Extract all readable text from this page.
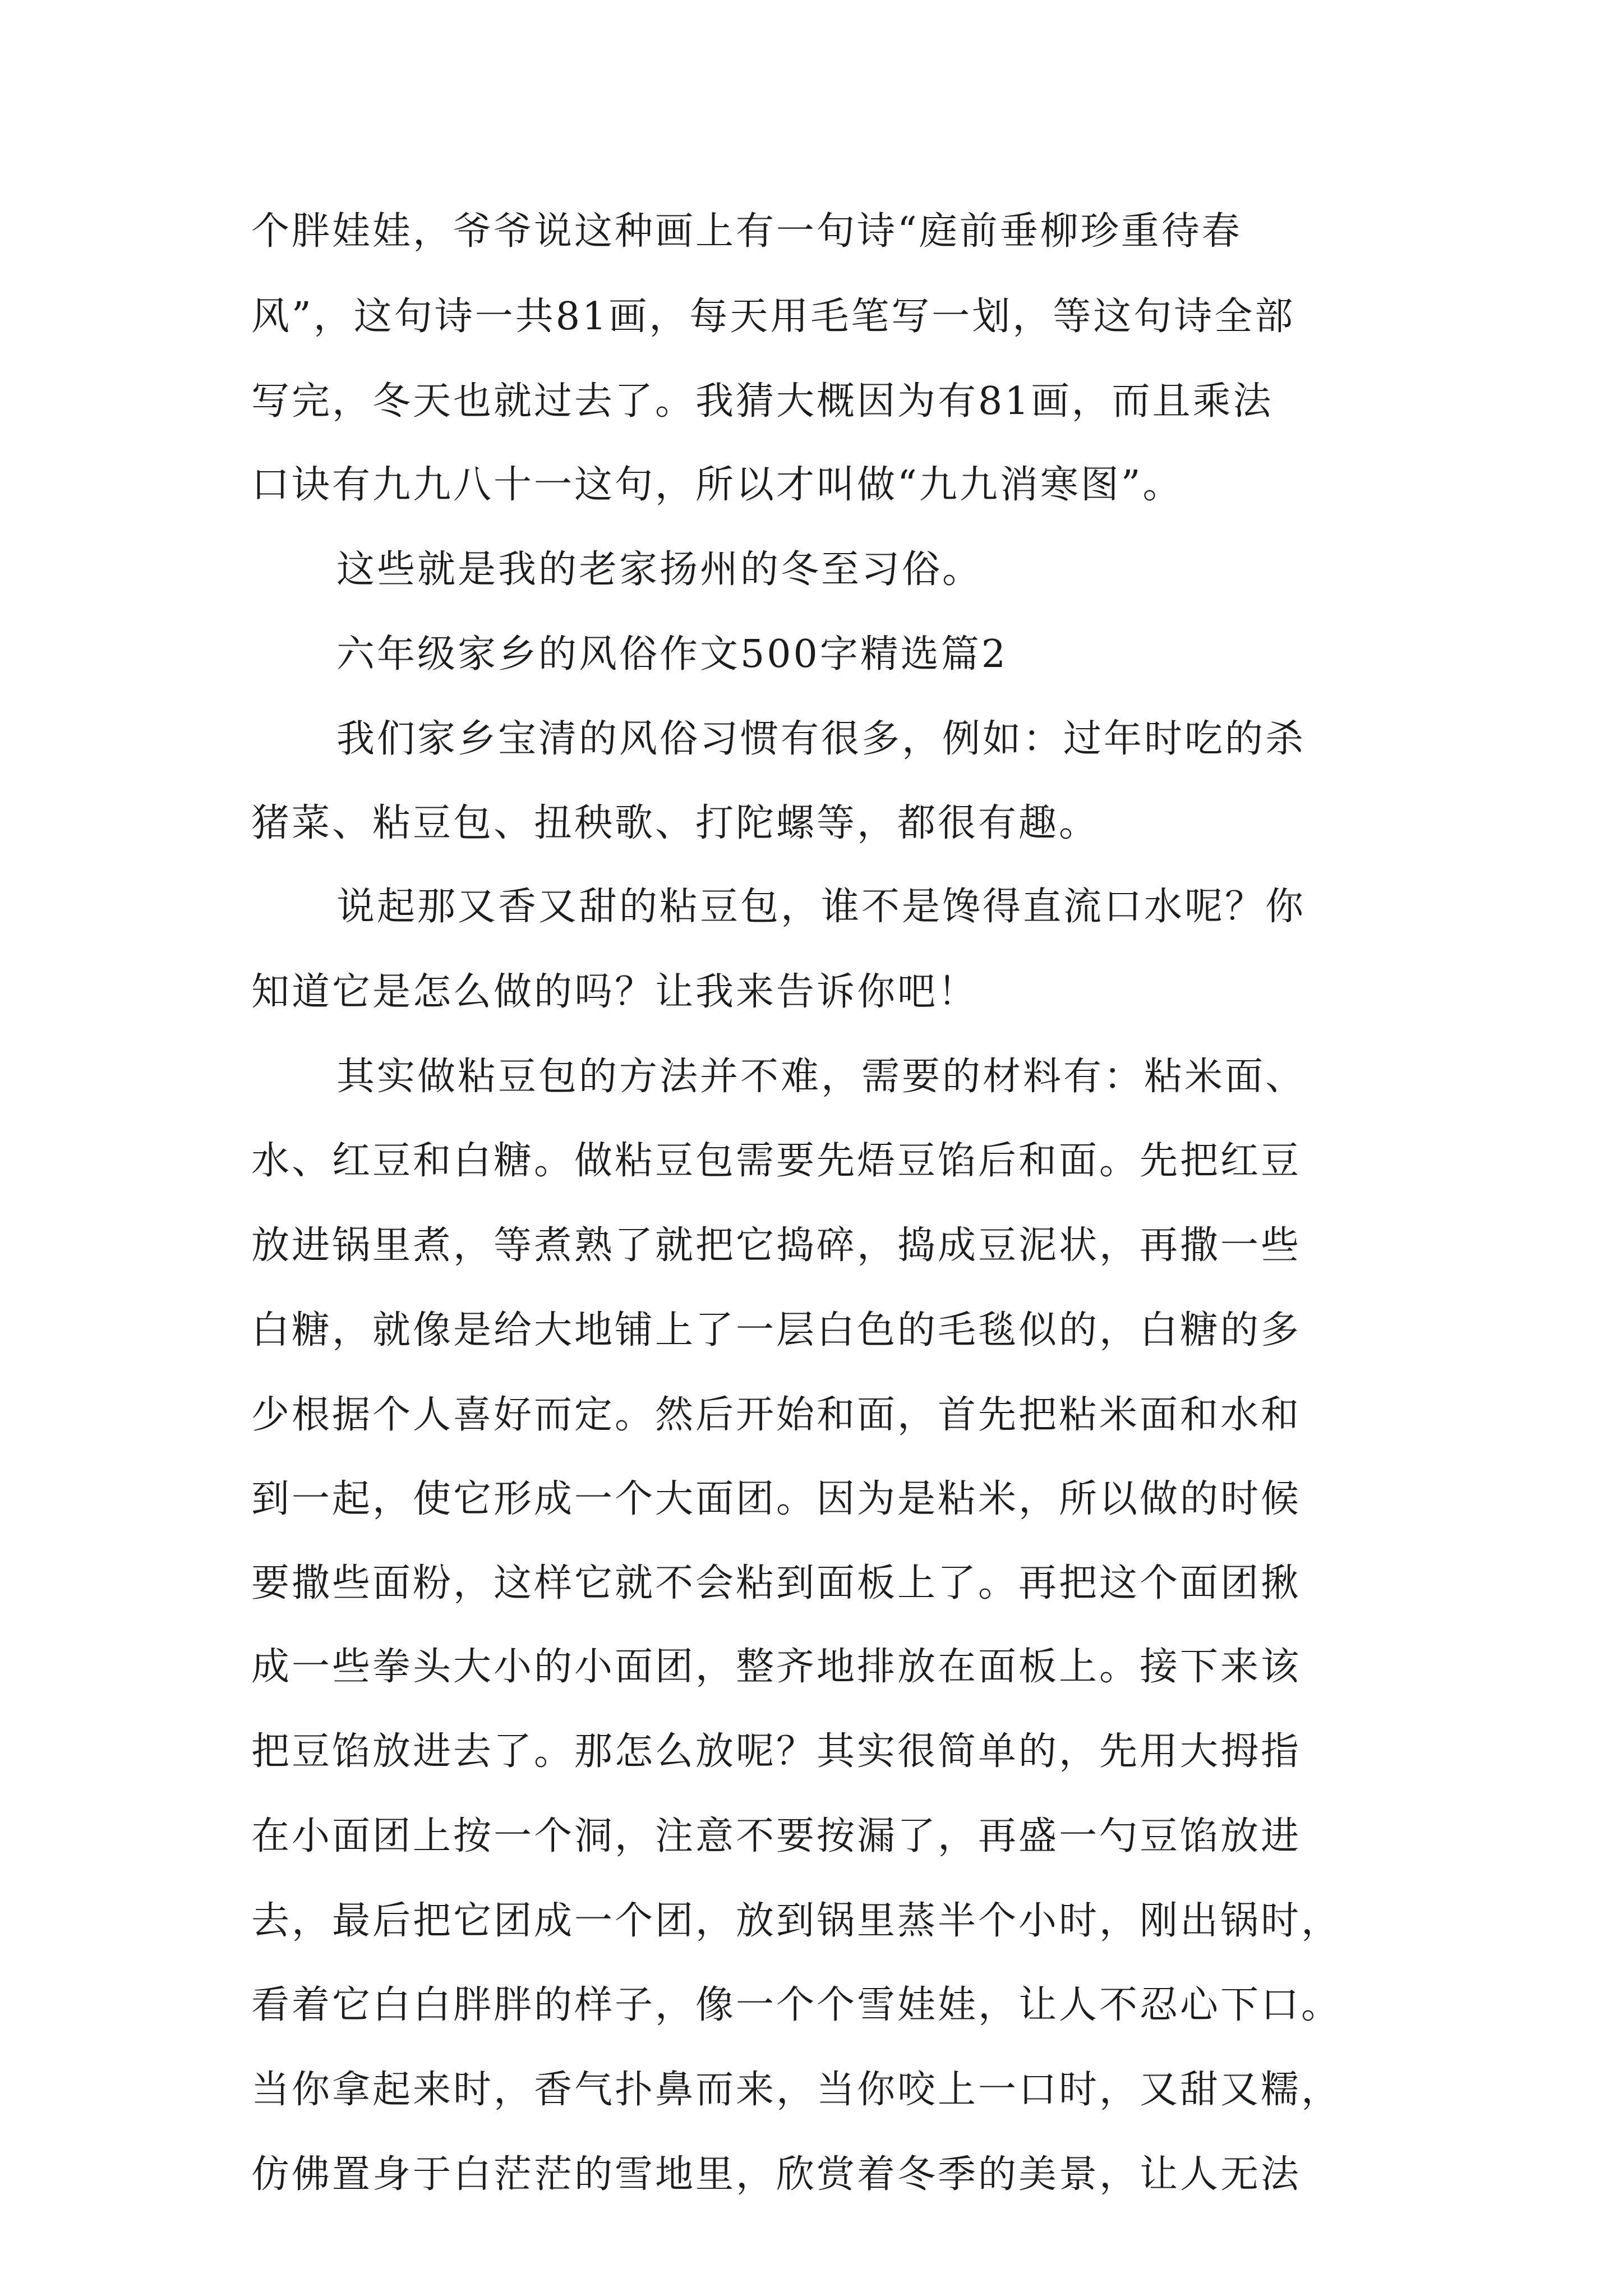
个胖娃娃，爷爷说这种画上有一句诗“庭前垂柳珍重待春
风”，这句诗一共81画，每天用毛笔写一划，等这句诗全部
写完，冬天也就过去了。我猜大概因为有81画，而且乘法
口诀有九九八十一这句，所以才叫做“九九消寒图”。
这些就是我的老家扬州的冬至习俗。
六年级家乡的风俗作文500字精选篇2
我们家乡宝清的风俗习惯有很多，例如：过年时吃的杀
猪菜、粘豆包、扭秧歌、打陀螺等，都很有趣。
说起那又香又甜的粘豆包，谁不是馋得直流口水呢？你
知道它是怎么做的吗？让我来告诉你吧！
其实做粘豆包的方法并不难，需要的材料有：粘米面、
水、红豆和白糖。做粘豆包需要先焐豆馅后和面。先把红豆
放进锅里煮，等煮熟了就把它捣碎，捣成豆泥状，再撒一些
白糖，就像是给大地铺上了一层白色的毛毯似的，白糖的多
少根据个人喜好而定。然后开始和面，首先把粘米面和水和
到一起，使它形成一个大面团。因为是粘米，所以做的时候
要撒些面粉，这样它就不会粘到面板上了。再把这个面团揪
成一些拳头大小的小面团，整齐地排放在面板上。接下来该
把豆馅放进去了。那怎么放呢？其实很简单的，先用大拇指
在小面团上按一个洞，注意不要按漏了，再盛一勺豆馅放进
去，最后把它团成一个团，放到锅里蒸半个小时，刚出锅时，
看着它白白胖胖的样子，像一个个雪娃娃，让人不忍心下口。
当你拿起来时，香气扑鼻而来，当你咬上一口时，又甜又糯，
仿佛置身于白茫茫的雪地里，欣赏着冬季的美景，让人无法
